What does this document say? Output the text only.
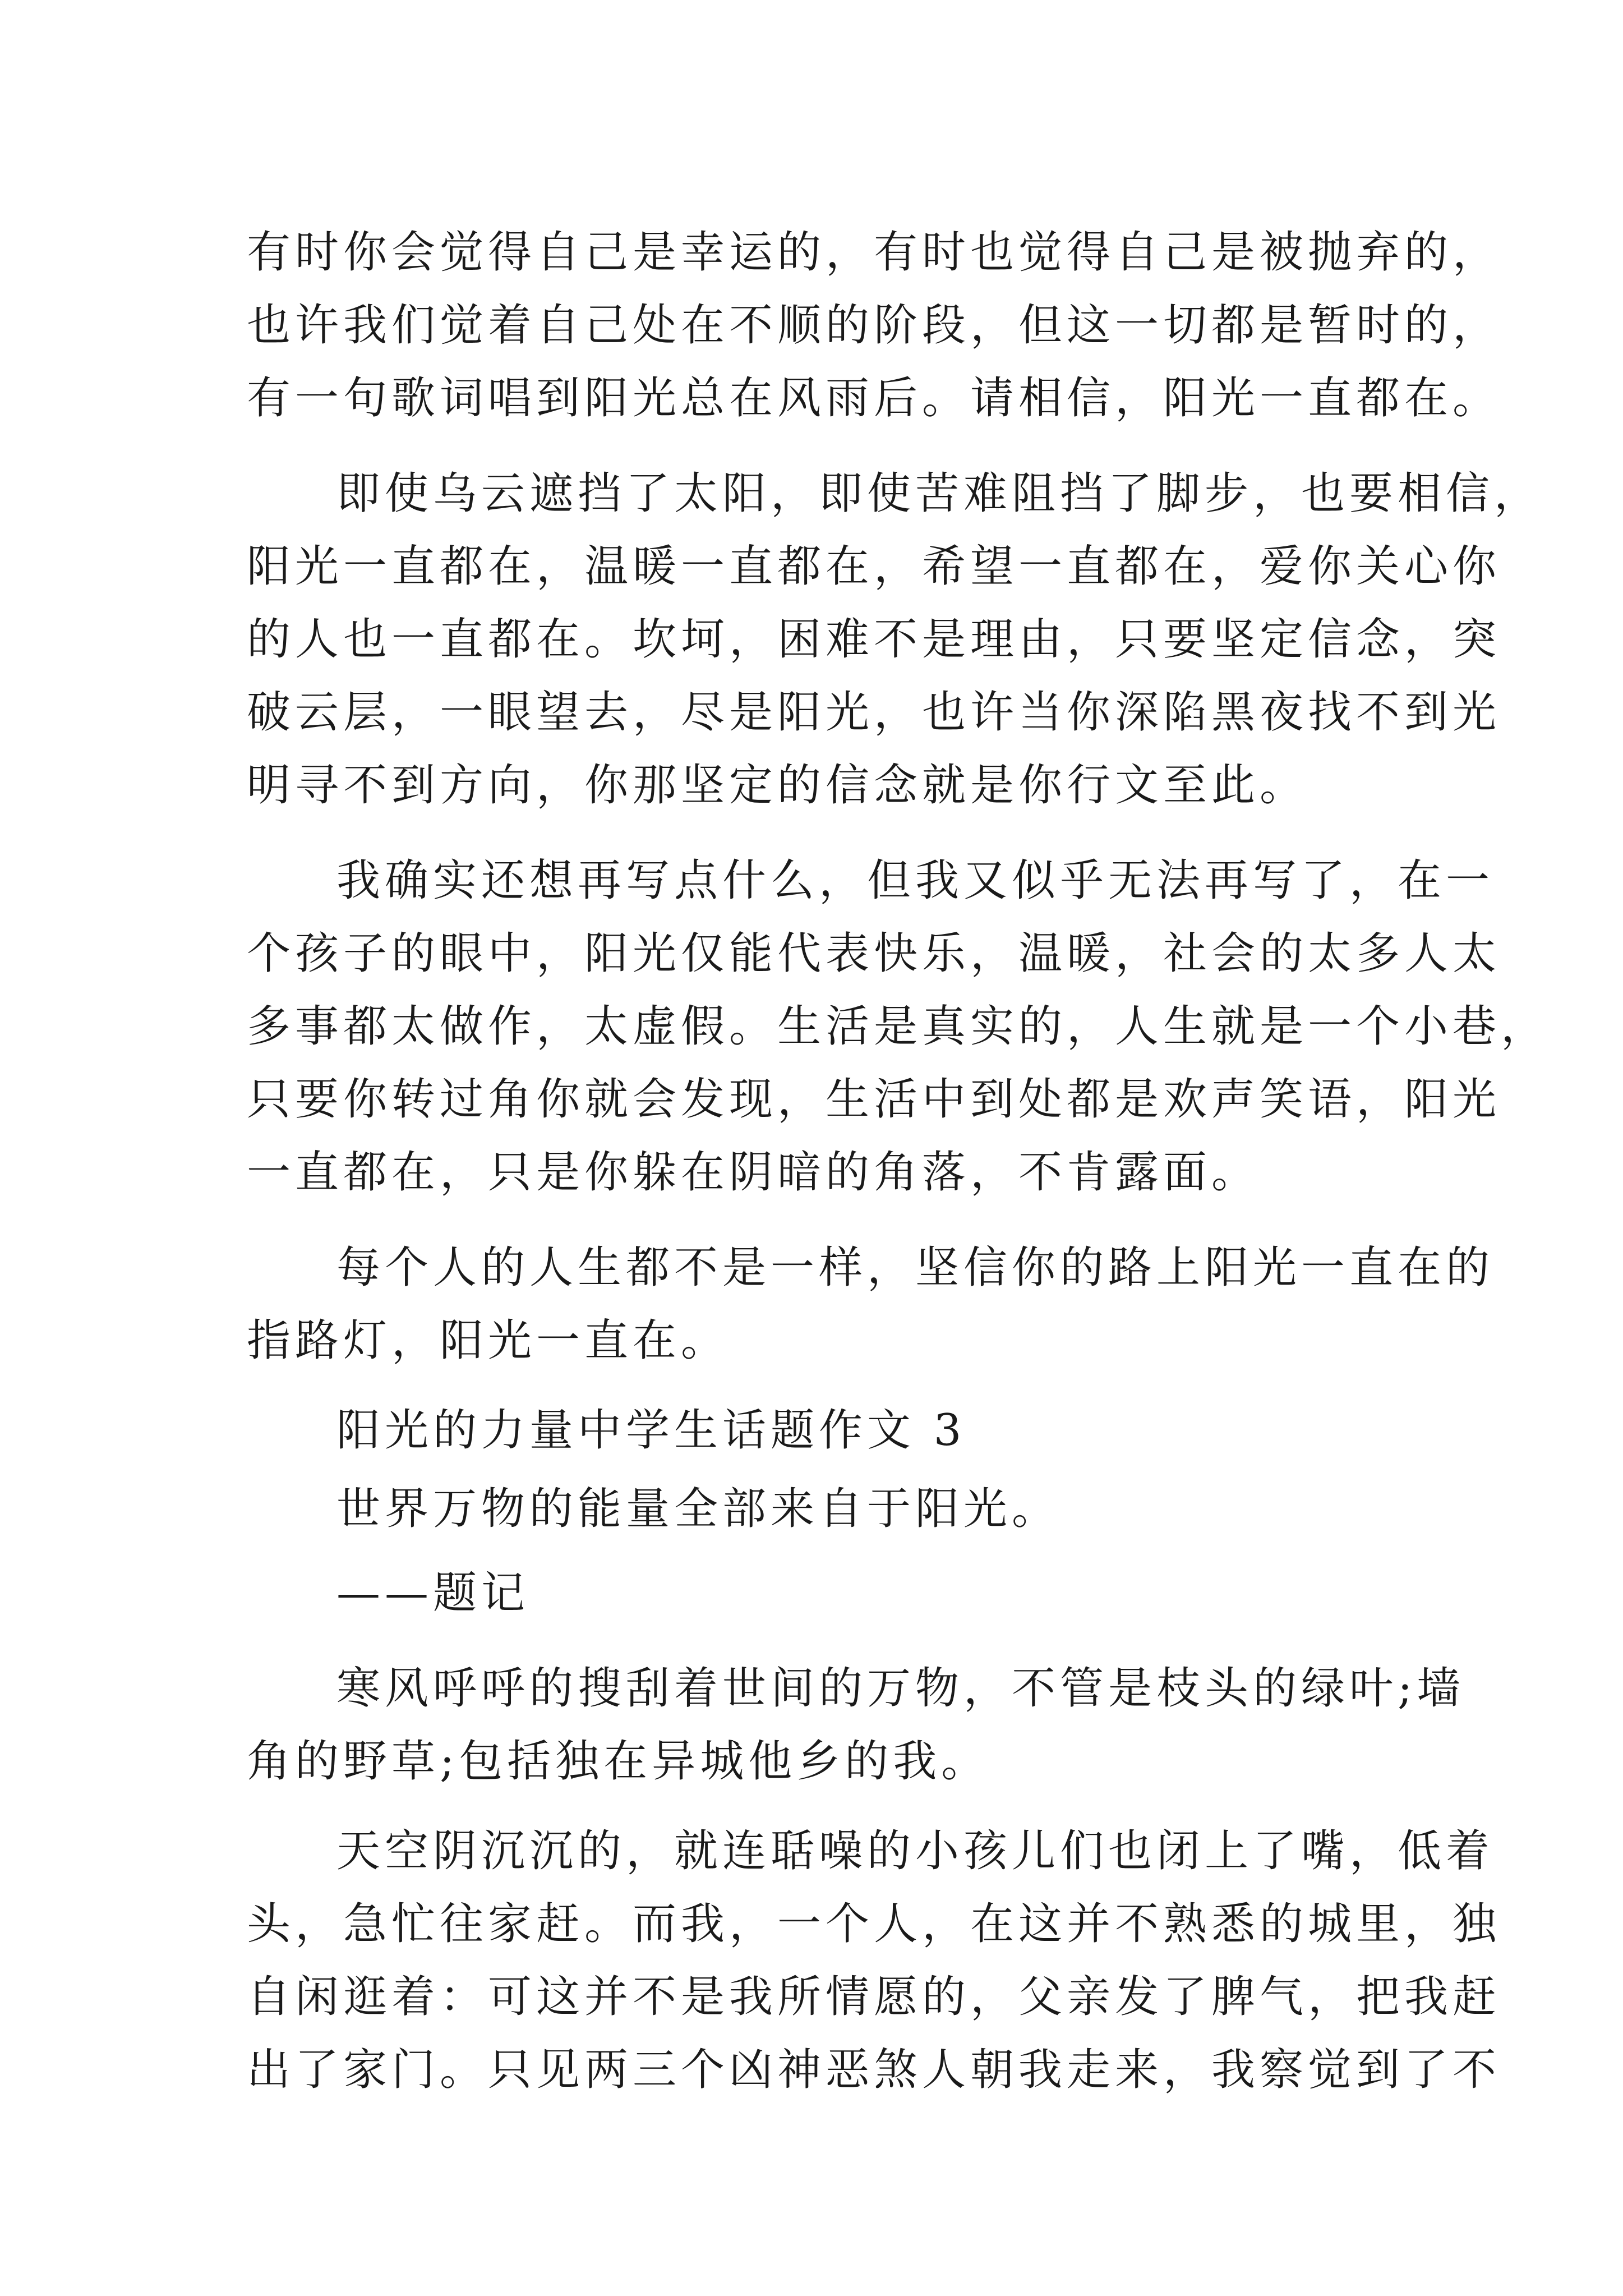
有时你会觉得自己是幸运的，有时也觉得自己是被抛弃的，
也许我们觉着自己处在不顺的阶段，但这一切都是暂时的，
有一句歌词唱到阳光总在风雨后。请相信，阳光一直都在。
即使乌云遮挡了太阳，即使苦难阻挡了脚步，也要相信，
阳光一直都在，温暖一直都在，希望一直都在，爱你关心你
的人也一直都在。坎坷，困难不是理由，只要坚定信念，突
破云层，一眼望去，尽是阳光，也许当你深陷黑夜找不到光
明寻不到方向，你那坚定的信念就是你行文至此。
我确实还想再写点什么，但我又似乎无法再写了，在一
个孩子的眼中，阳光仅能代表快乐，温暖，社会的太多人太
多事都太做作，太虚假。生活是真实的，人生就是一个小巷，
只要你转过角你就会发现，生活中到处都是欢声笑语，阳光
一直都在，只是你躲在阴暗的角落，不肯露面。
每个人的人生都不是一样，坚信你的路上阳光一直在的
指路灯，阳光一直在。
阳光的力量中学生话题作文 3
世界万物的能量全部来自于阳光。
——题记
寒风呼呼的搜刮着世间的万物，不管是枝头的绿叶;墙
角的野草;包括独在异城他乡的我。
天空阴沉沉的，就连聒噪的小孩儿们也闭上了嘴，低着
头，急忙往家赶。而我，一个人，在这并不熟悉的城里，独
自闲逛着：可这并不是我所情愿的，父亲发了脾气，把我赶
出了家门。只见两三个凶神恶煞人朝我走来，我察觉到了不
